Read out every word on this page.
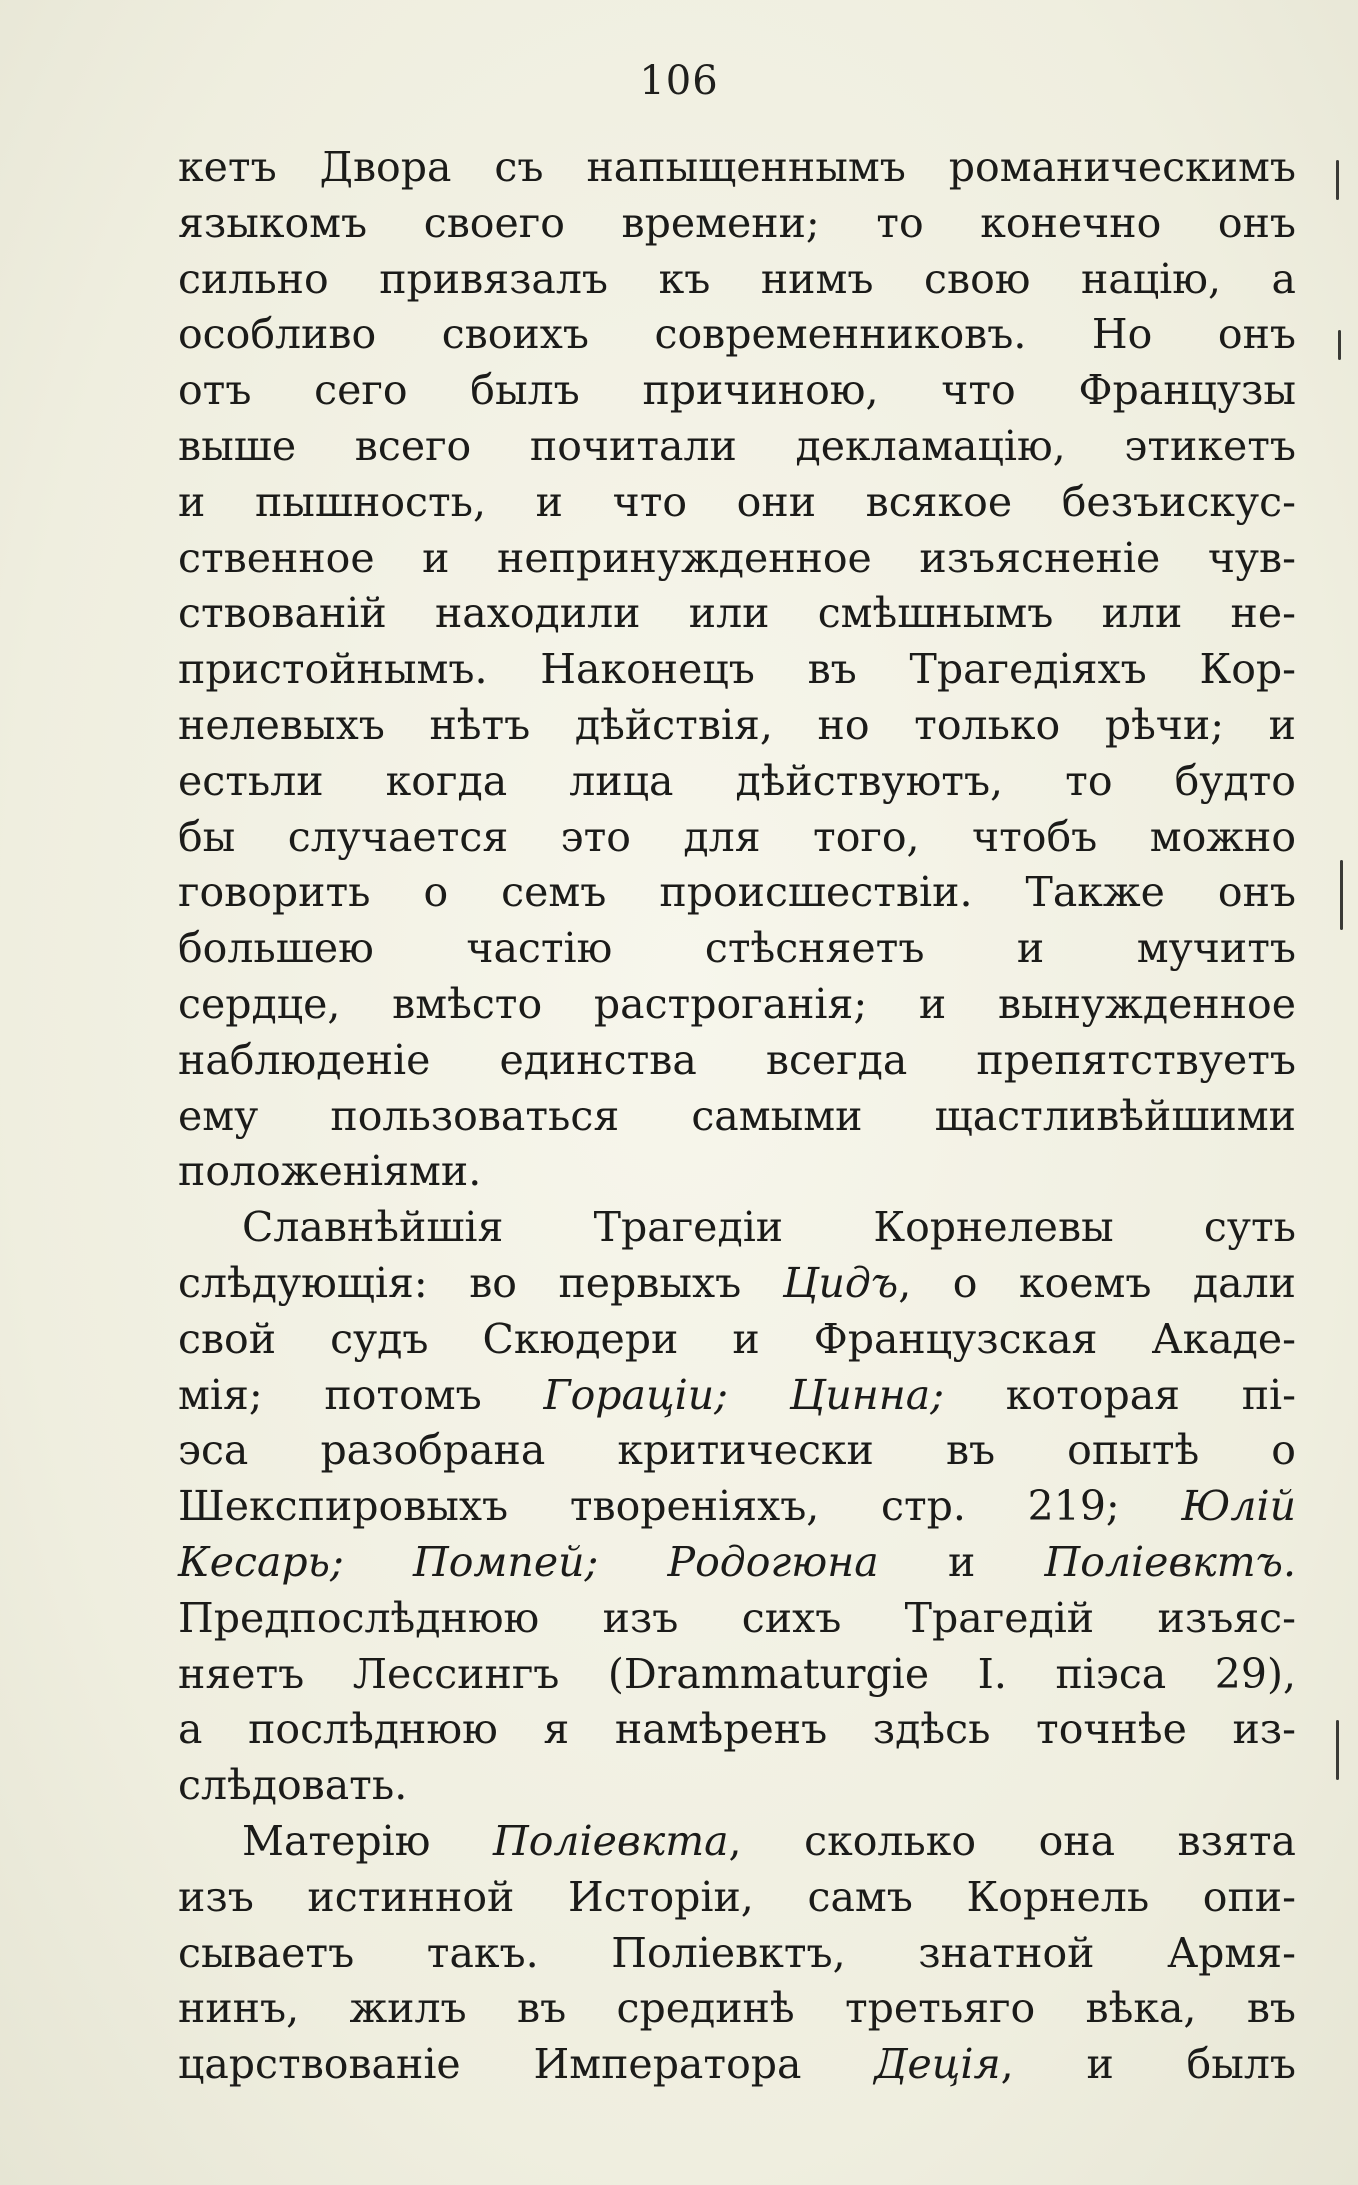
106
кетъ Двора съ напыщеннымъ романическимъ
языкомъ своего времени; то конечно онъ
сильно привязалъ къ нимъ свою націю, а
особливо своихъ современниковъ. Но онъ
отъ сего былъ причиною, что Французы
выше всего почитали декламацію, этикетъ
и пышность, и что они всякое безъискус-
ственное и непринужденное изъясненіе чув-
ствованій находили или смѣшнымъ или не-
пристойнымъ. Наконецъ въ Трагедіяхъ Кор-
нелевыхъ нѣтъ дѣйствія, но только рѣчи; и
естьли когда лица дѣйствуютъ, то будто
бы случается это для того, чтобъ можно
говорить о семъ происшествіи. Также онъ
большею частію стѣсняетъ и мучитъ
сердце, вмѣсто растроганія; и вынужденное
наблюденіе единства всегда препятствуетъ
ему пользоваться самыми щастливѣйшими
положеніями.
Славнѣйшія Трагедіи Корнелевы суть
слѣдующія: во первыхъ Цидъ, о коемъ дали
свой судъ Скюдери и Французская Акаде-
мія; потомъ Гораціи; Цинна; которая пі-
эса разобрана критически въ опытѣ о
Шекспировыхъ твореніяхъ, стр. 219; Юлій
Кесарь; Помпей; Родогюна и Поліевктъ.
Предпослѣднюю изъ сихъ Трагедій изъяс-
няетъ Лессингъ (Drammaturgie I. пiэса 29),
а послѣднюю я намѣренъ здѣсь точнѣе из-
слѣдовать.
Матерію Поліевкта, сколько она взята
изъ истинной Исторіи, самъ Корнель опи-
сываетъ такъ. Поліевктъ, знатной Армя-
нинъ, жилъ въ срединѣ третьяго вѣка, въ
царствованіе Императора Децiя, и былъ
